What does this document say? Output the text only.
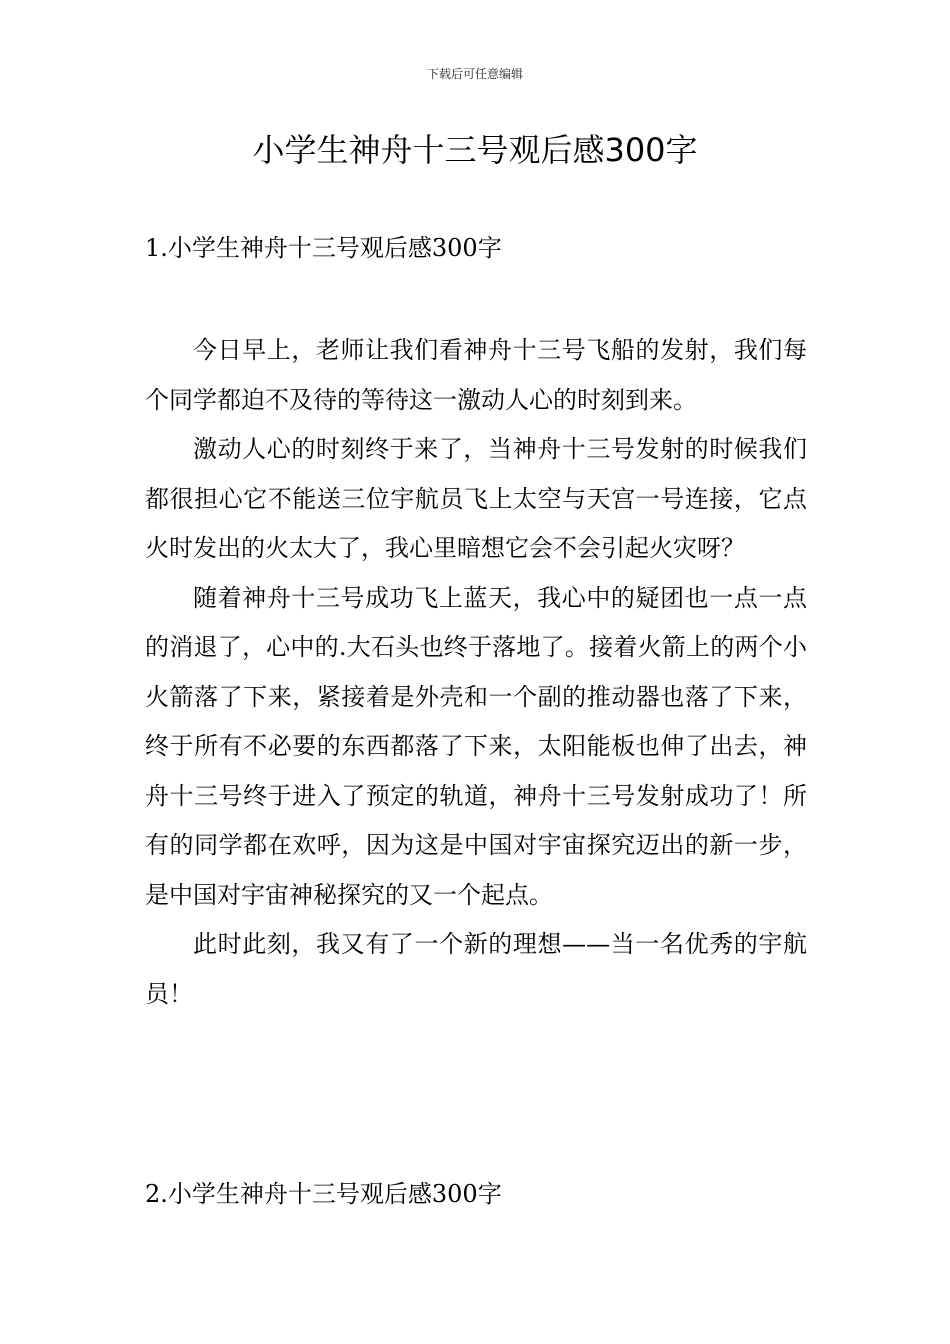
下载后可任意编辑
小学生神舟十三号观后感300字
1.小学生神舟十三号观后感300字

今日早上，老师让我们看神舟十三号飞船的发射，我们每个同学都迫不及待的等待这一激动人心的时刻到来。

激动人心的时刻终于来了，当神舟十三号发射的时候我们都很担心它不能送三位宇航员飞上太空与天宫一号连接，它点火时发出的火太大了，我心里暗想它会不会引起火灾呀？

随着神舟十三号成功飞上蓝天，我心中的疑团也一点一点的消退了，心中的.大石头也终于落地了。接着火箭上的两个小火箭落了下来，紧接着是外壳和一个副的推动器也落了下来，终于所有不必要的东西都落了下来，太阳能板也伸了出去，神舟十三号终于进入了预定的轨道，神舟十三号发射成功了！所有的同学都在欢呼，因为这是中国对宇宙探究迈出的新一步，是中国对宇宙神秘探究的又一个起点。

此时此刻，我又有了一个新的理想——当一名优秀的宇航员！

2.小学生神舟十三号观后感300字
